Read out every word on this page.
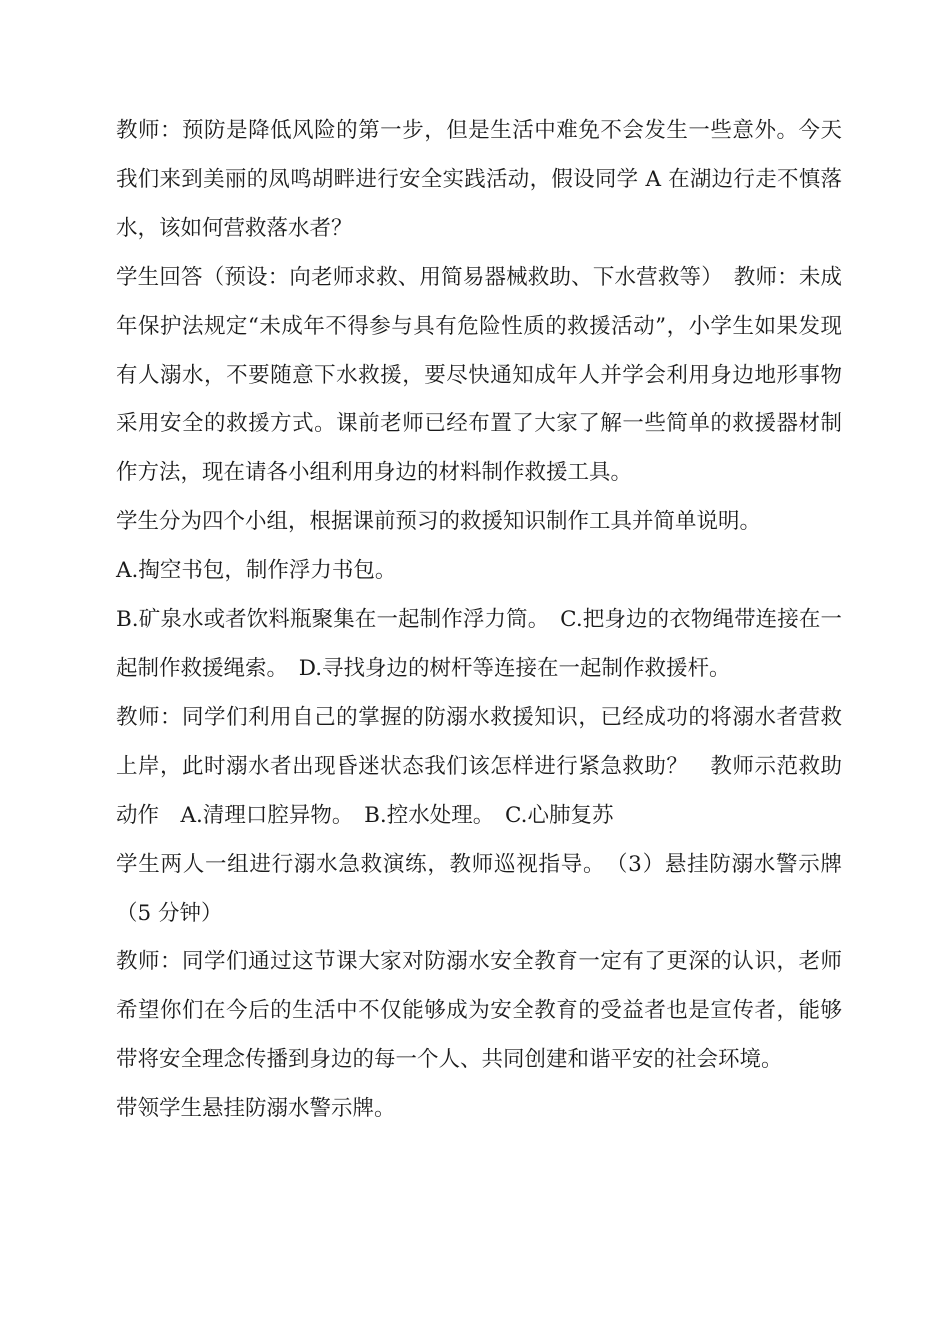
教师：预防是降低风险的第一步，但是生活中难免不会发生一些意外。今天我们来到美丽的凤鸣胡畔进行安全实践活动，假设同学 A 在湖边行走不慎落水，该如何营救落水者？

学生回答（预设：向老师求救、用简易器械救助、下水营救等）　教师：未成年保护法规定“未成年不得参与具有危险性质的救援活动”，小学生如果发现有人溺水，不要随意下水救援，要尽快通知成年人并学会利用身边地形事物采用安全的救援方式。课前老师已经布置了大家了解一些简单的救援器材制作方法，现在请各小组利用身边的材料制作救援工具。

学生分为四个小组，根据课前预习的救援知识制作工具并简单说明。

A.掏空书包，制作浮力书包。

B.矿泉水或者饮料瓶聚集在一起制作浮力筒。　C.把身边的衣物绳带连接在一起制作救援绳索。　D.寻找身边的树杆等连接在一起制作救援杆。

教师：同学们利用自己的掌握的防溺水救援知识，已经成功的将溺水者营救上岸，此时溺水者出现昏迷状态我们该怎样进行紧急救助？　教师示范救助动作　A.清理口腔异物。　B.控水处理。　C.心肺复苏

学生两人一组进行溺水急救演练，教师巡视指导。　（3）悬挂防溺水警示牌（5 分钟）

教师：同学们通过这节课大家对防溺水安全教育一定有了更深的认识，老师希望你们在今后的生活中不仅能够成为安全教育的受益者也是宣传者，能够带将安全理念传播到身边的每一个人、共同创建和谐平安的社会环境。

带领学生悬挂防溺水警示牌。
